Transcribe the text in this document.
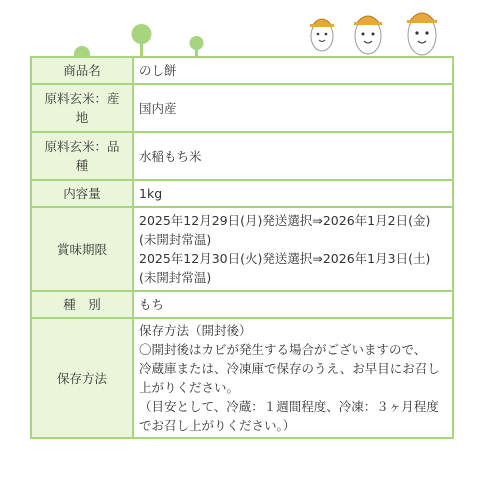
商品名	のし餅
原料玄米：産地	国内産
原料玄米：品種	水稲もち米
内容量	1kg
賞味期限	2025年12月29日(月)発送選択⇒2026年1月2日(金)
(未開封常温)
2025年12月30日(火)発送選択⇒2026年1月3日(土)
(未開封常温)

種　別	もち
保存方法	保存方法（開封後）
〇開封後はカビが発生する場合がございますので、
冷蔵庫または、冷凍庫で保存のうえ、お早目にお召し上がりください。
（目安として、冷蔵：１週間程度、冷凍：３ヶ月程度でお召し上がりください。）
